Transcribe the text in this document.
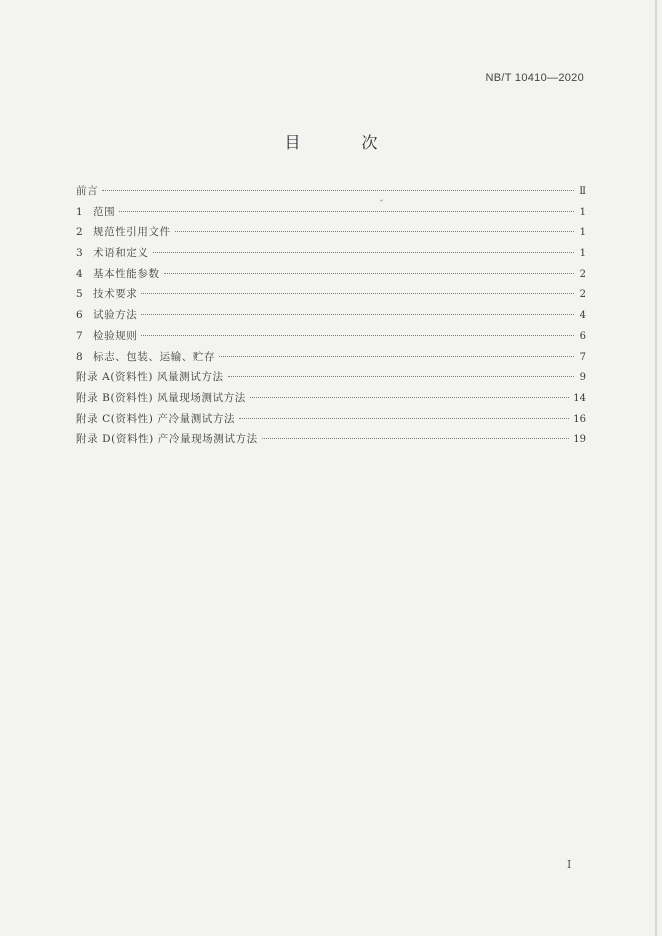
NB/T 10410—2020
目 次
前言	Ⅱ
1 范围	1
2 规范性引用文件	1
3 术语和定义	1
4 基本性能参数	2
5 技术要求	2
6 试验方法	4
7 检验规则	6
8 标志、包装、运输、贮存	7
附录 A(资料性) 风量测试方法	9
附录 B(资料性) 风量现场测试方法	14
附录 C(资料性) 产冷量测试方法	16
附录 D(资料性) 产冷量现场测试方法	19
I
